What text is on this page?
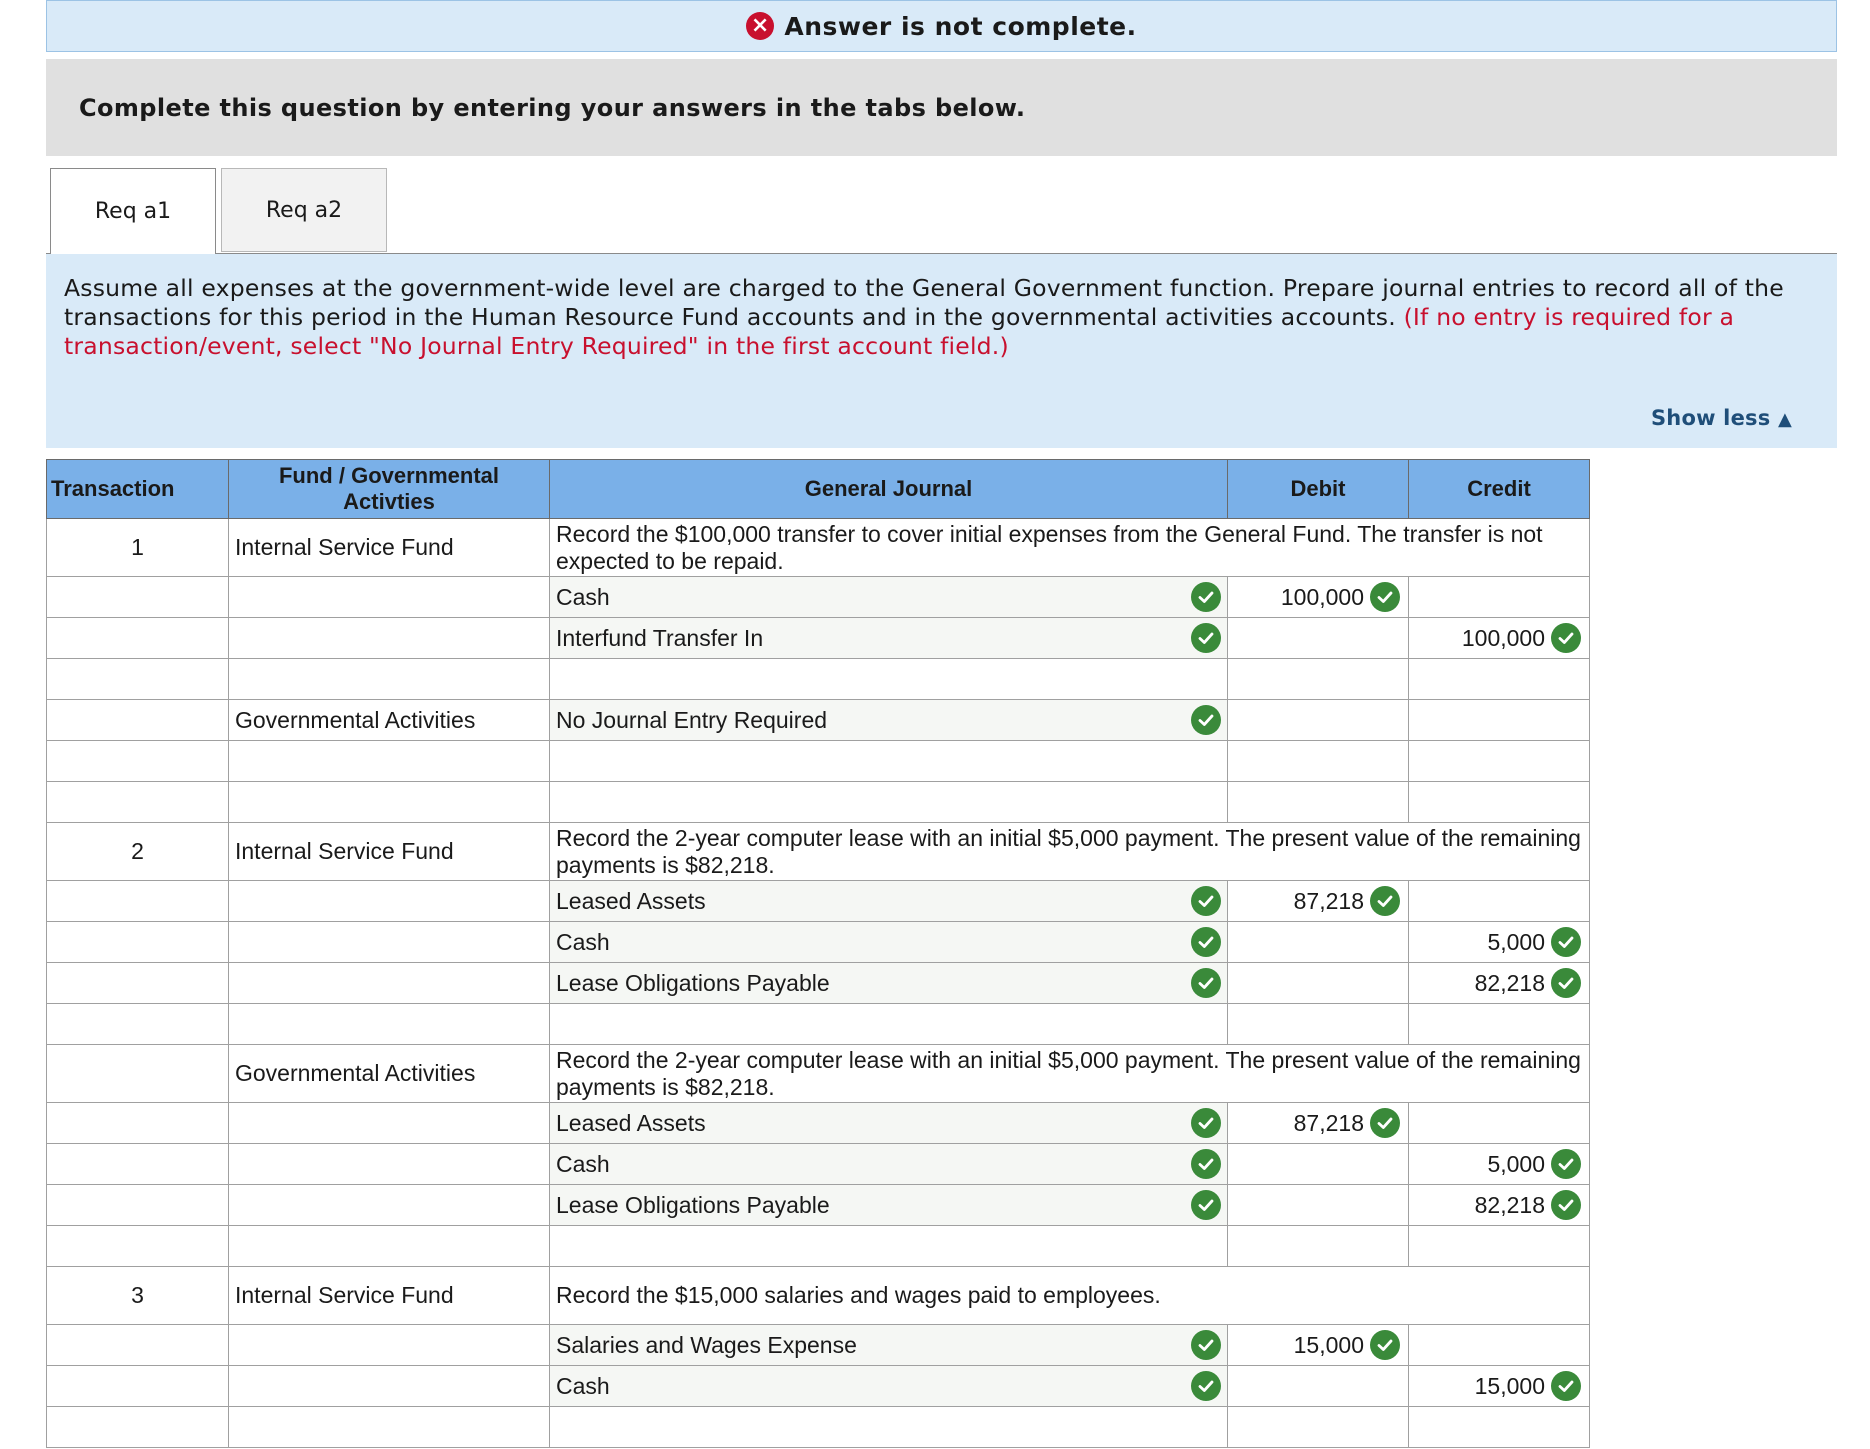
× Answer is not complete.
Complete this question by entering your answers in the tabs below.
Req a1	Req a2
Assume all expenses at the government-wide level are charged to the General Government function. Prepare journal entries to record all of the transactions for this period in the Human Resource Fund accounts and in the governmental activities accounts. (If no entry is required for a transaction/event, select "No Journal Entry Required" in the first account field.)
Show less ▲
Transaction	Fund / Governmental Activties	General Journal	Debit	Credit
1	Internal Service Fund	Record the $100,000 transfer to cover initial expenses from the General Fund. The transfer is not expected to be repaid.		
		Cash	100,000

		Interfund Transfer In		100,000

	Governmental Activities	No Journal Entry Required

2	Internal Service Fund	Record the 2-year computer lease with an initial $5,000 payment. The present value of the remaining payments is $82,218.		
		Leased Assets	87,218

		Cash		5,000

		Lease Obligations Payable		82,218

	Governmental Activities	Record the 2-year computer lease with an initial $5,000 payment. The present value of the remaining payments is $82,218.		
		Leased Assets	87,218

		Cash		5,000

		Lease Obligations Payable		82,218

3	Internal Service Fund	Record the $15,000 salaries and wages paid to employees.		
		Salaries and Wages Expense	15,000

		Cash		15,000
